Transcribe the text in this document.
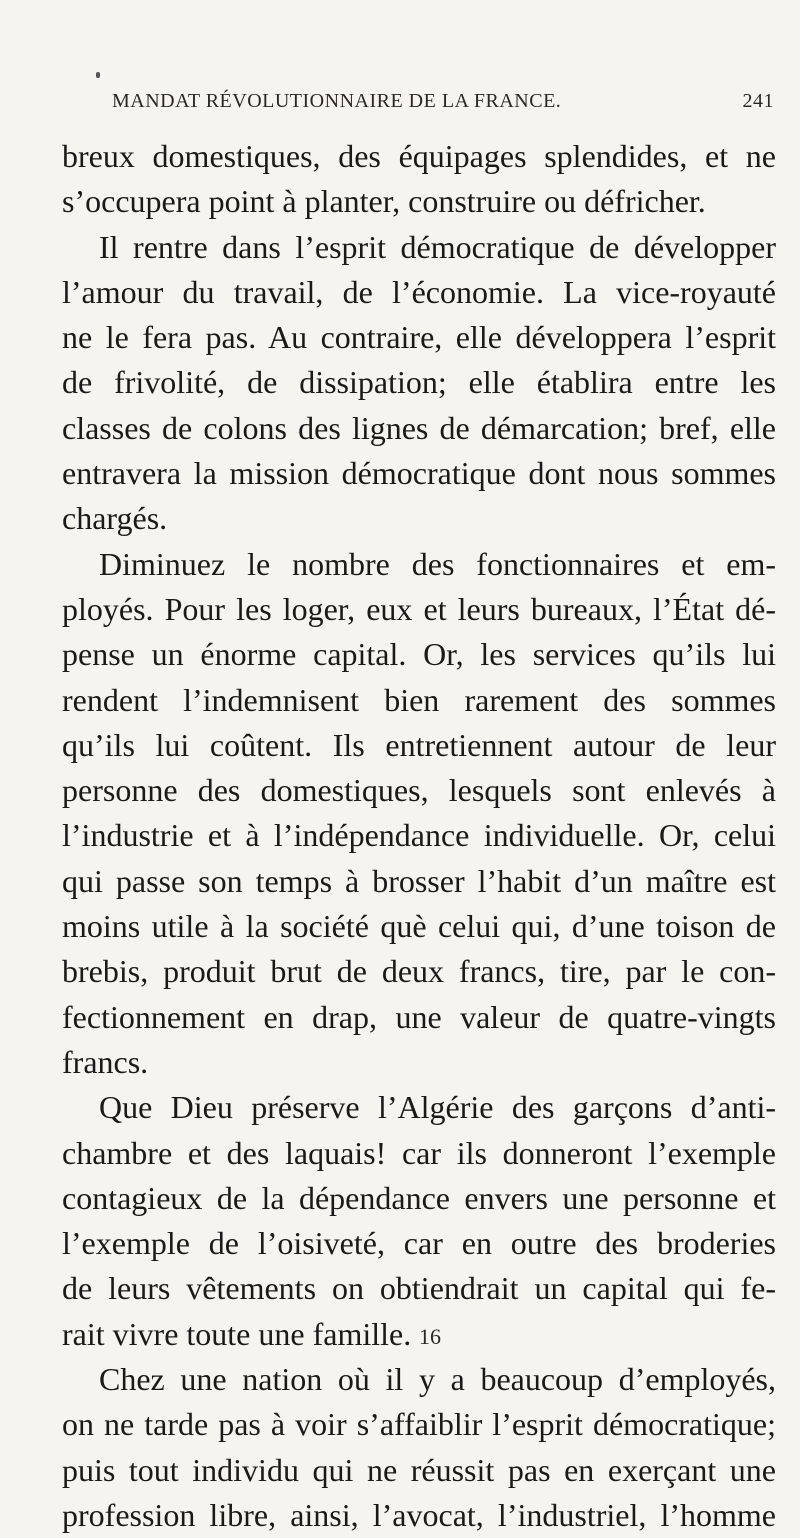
MANDAT RÉVOLUTIONNAIRE DE LA FRANCE.	241
breux domestiques, des équipages splendides, et ne
s’occupera point à planter, construire ou défricher.
Il rentre dans l’esprit démocratique de développer
l’amour du travail, de l’économie. La vice-royauté
ne le fera pas. Au contraire, elle développera l’esprit
de frivolité, de dissipation; elle établira entre les
classes de colons des lignes de démarcation; bref, elle
entravera la mission démocratique dont nous sommes
chargés.
Diminuez le nombre des fonctionnaires et em-
ployés. Pour les loger, eux et leurs bureaux, l’État dé-
pense un énorme capital. Or, les services qu’ils lui
rendent l’indemnisent bien rarement des sommes
qu’ils lui coûtent. Ils entretiennent autour de leur
personne des domestiques, lesquels sont enlevés à
l’industrie et à l’indépendance individuelle. Or, celui
qui passe son temps à brosser l’habit d’un maître est
moins utile à la société què celui qui, d’une toison de
brebis, produit brut de deux francs, tire, par le con-
fectionnement en drap, une valeur de quatre-vingts
francs.
Que Dieu préserve l’Algérie des garçons d’anti-
chambre et des laquais! car ils donneront l’exemple
contagieux de la dépendance envers une personne et
l’exemple de l’oisiveté, car en outre des broderies
de leurs vêtements on obtiendrait un capital qui fe-
rait vivre toute une famille.
Chez une nation où il y a beaucoup d’employés,
on ne tarde pas à voir s’affaiblir l’esprit démocratique;
puis tout individu qui ne réussit pas en exerçant une
profession libre, ainsi, l’avocat, l’industriel, l’homme
16
